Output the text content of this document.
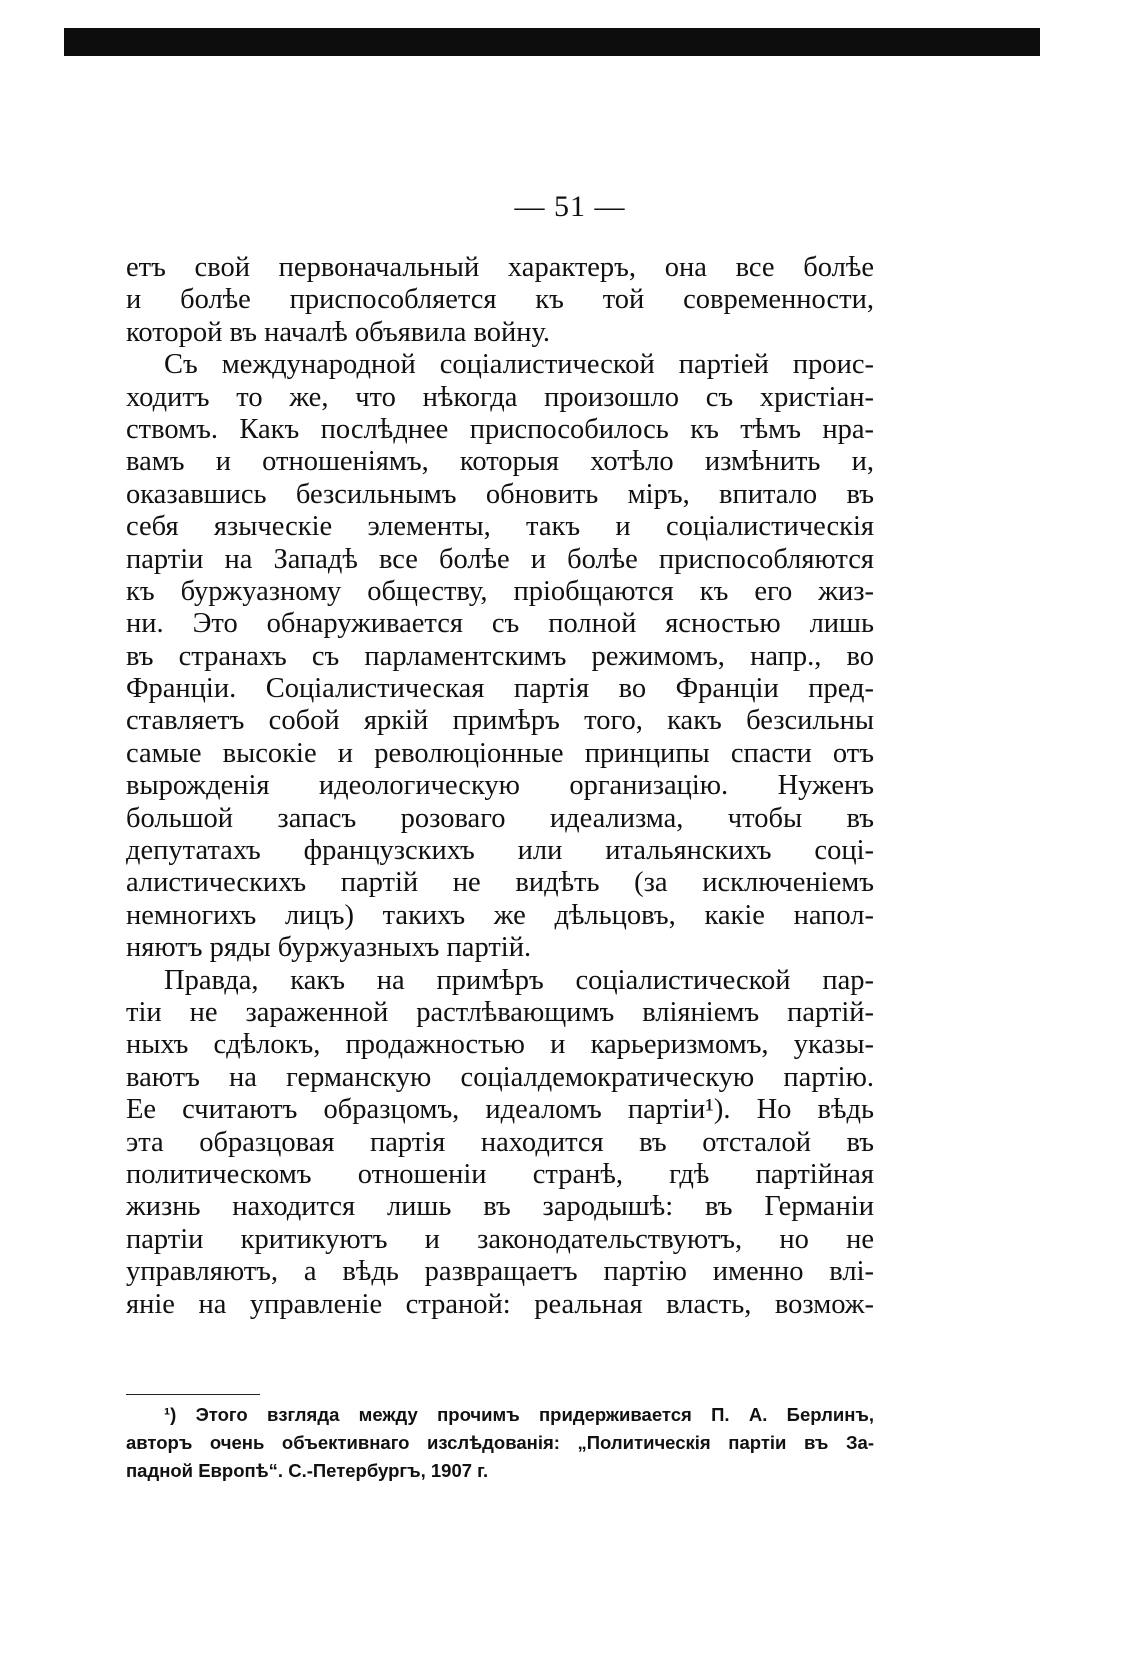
— 51 —
етъ свой первоначальный характеръ, она все болѣе
и болѣе приспособляется къ той современности,
которой въ началѣ объявила войну.
Съ международной соціалистической партіей проис-
ходитъ то же, что нѣкогда произошло съ христіан-
ствомъ. Какъ послѣднее приспособилось къ тѣмъ нра-
вамъ и отношеніямъ, которыя хотѣло измѣнить и,
оказавшись безсильнымъ обновить міръ, впитало въ
себя языческіе элементы, такъ и соціалистическія
партіи на Западѣ все болѣе и болѣе приспособляются
къ буржуазному обществу, пріобщаются къ его жиз-
ни. Это обнаруживается съ полной ясностью лишь
въ странахъ съ парламентскимъ режимомъ, напр., во
Франціи. Соціалистическая партія во Франціи пред-
ставляетъ собой яркій примѣръ того, какъ безсильны
самые высокіе и революціонные принципы спасти отъ
вырожденія идеологическую организацію. Нуженъ
большой запасъ розоваго идеализма, чтобы въ
депутатахъ французскихъ или итальянскихъ соці-
алистическихъ партій не видѣть (за исключеніемъ
немногихъ лицъ) такихъ же дѣльцовъ, какіе напол-
няютъ ряды буржуазныхъ партій.
Правда, какъ на примѣръ соціалистической пар-
тіи не зараженной растлѣвающимъ вліяніемъ партій-
ныхъ сдѣлокъ, продажностью и карьеризмомъ, указы-
ваютъ на германскую соціалдемократическую партію.
Ее считаютъ образцомъ, идеаломъ партіи¹). Но вѣдь
эта образцовая партія находится въ отсталой въ
политическомъ отношеніи странѣ, гдѣ партійная
жизнь находится лишь въ зародышѣ: въ Германіи
партіи критикуютъ и законодательствуютъ, но не
управляютъ, а вѣдь развращаетъ партію именно влі-
яніе на управленіе страной: реальная власть, возмож-
¹) Этого взгляда между прочимъ придерживается П. А. Берлинъ,
авторъ очень объективнаго изслѣдованія: „Политическія партіи въ За-
падной Европѣ“. С.-Петербургъ, 1907 г.
